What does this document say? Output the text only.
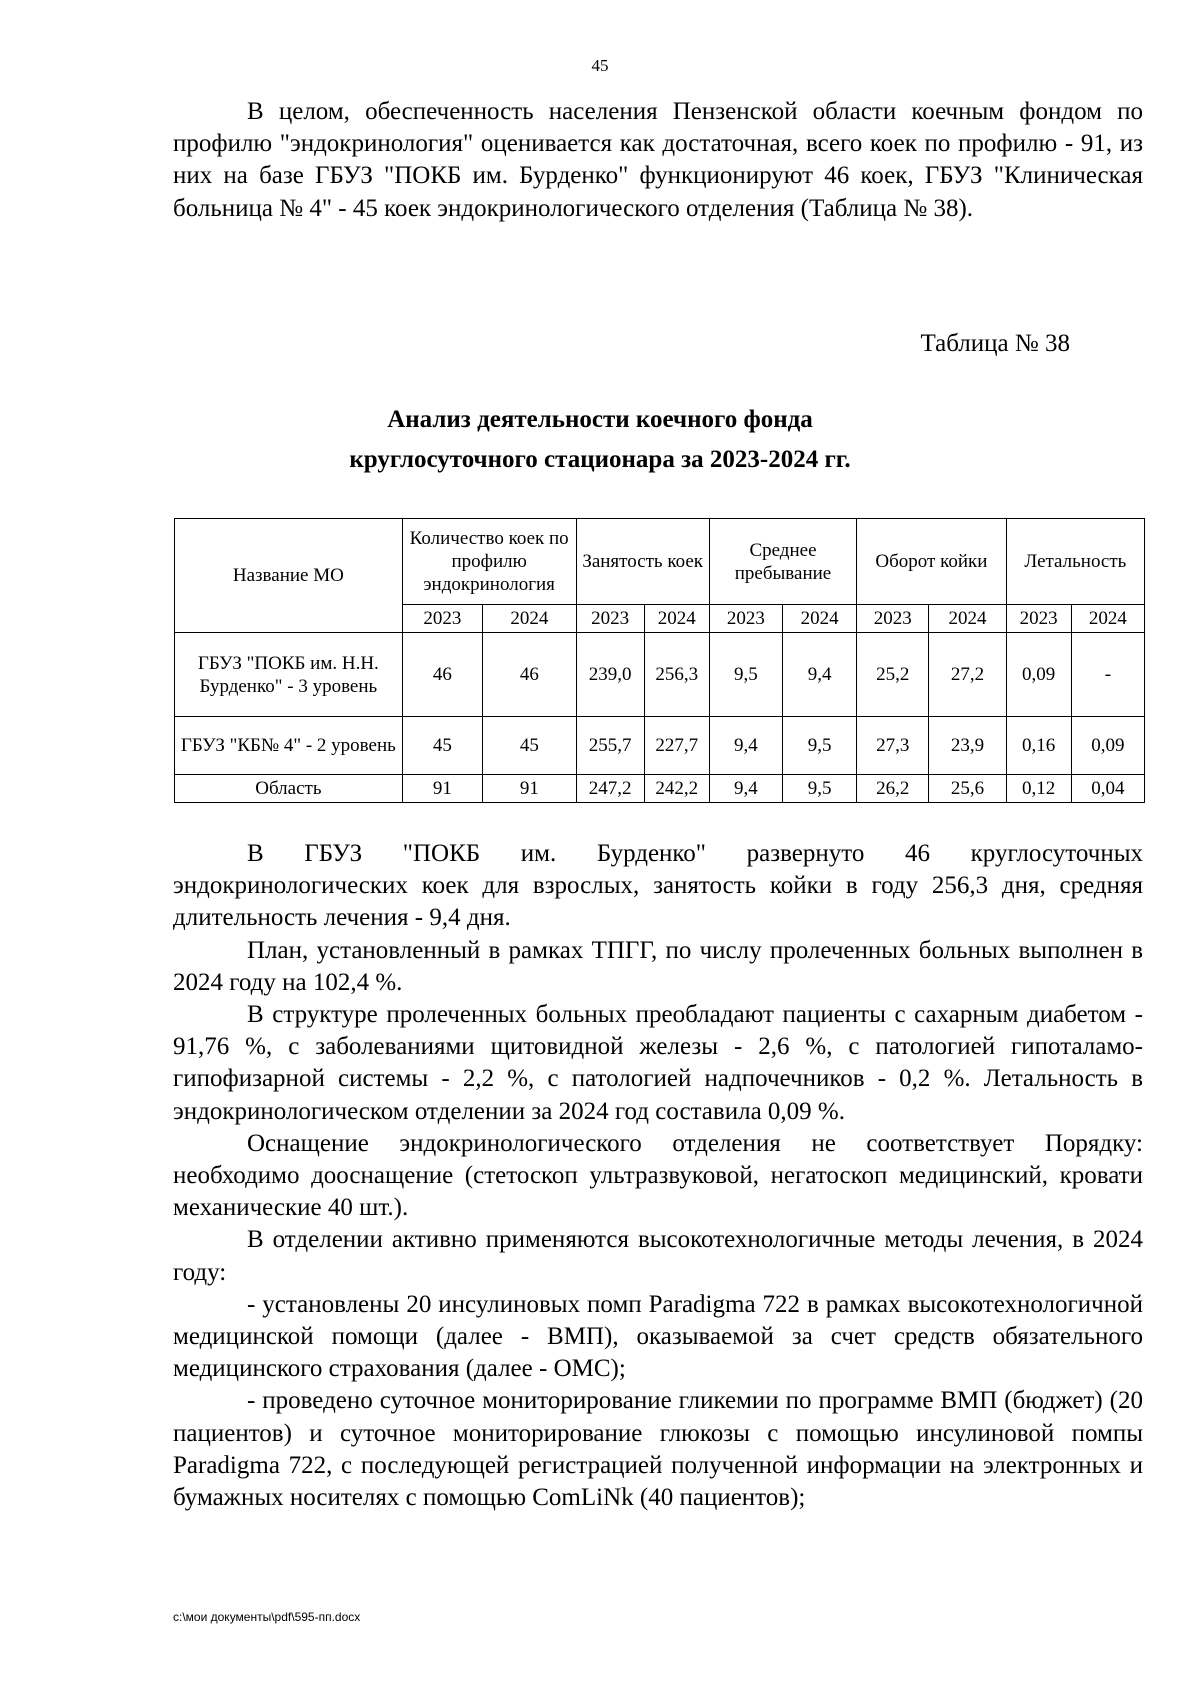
45

В целом, обеспеченность населения Пензенской области коечным фондом по профилю "эндокринология" оценивается как достаточная, всего коек по профилю - 91, из них на базе ГБУЗ "ПОКБ им. Бурденко" функционируют 46 коек, ГБУЗ "Клиническая больница № 4" - 45 коек эндокринологического отделения (Таблица № 38).

Таблица № 38
Анализ деятельности коечного фонда
круглосуточного стационара за 2023-2024 гг.
Название МО	Количество коек по профилю эндокринология		Занятость коек		Среднее пребывание		Оборот койки		Летальность	
	2023	2024	2023	2024	2023	2024	2023	2024	2023	2024
ГБУЗ "ПОКБ им. Н.Н. Бурденко" - 3 уровень	46	46	239,0	256,3	9,5	9,4	25,2	27,2	0,09	-
ГБУЗ "КБ№ 4" - 2 уровень	45	45	255,7	227,7	9,4	9,5	27,3	23,9	0,16	0,09
Область	91	91	247,2	242,2	9,4	9,5	26,2	25,6	0,12	0,04

В ГБУЗ "ПОКБ им. Бурденко" развернуто 46 круглосуточных эндокринологических коек для взрослых, занятость койки в году 256,3 дня, средняя длительность лечения - 9,4 дня.

План, установленный в рамках ТПГГ, по числу пролеченных больных выполнен в 2024 году на 102,4 %.

В структуре пролеченных больных преобладают пациенты с сахарным диабетом - 91,76 %, с заболеваниями щитовидной железы - 2,6 %, с патологией гипоталамо-гипофизарной системы - 2,2 %, с патологией надпочечников - 0,2 %. Летальность в эндокринологическом отделении за 2024 год составила 0,09 %.

Оснащение эндокринологического отделения не соответствует Порядку: необходимо дооснащение (стетоскоп ультразвуковой, негатоскоп медицинский, кровати механические 40 шт.).

В отделении активно применяются высокотехнологичные методы лечения, в 2024 году:

- установлены 20 инсулиновых помп Paradigma 722 в рамках высокотехнологичной медицинской помощи (далее - ВМП), оказываемой за счет средств обязательного медицинского страхования (далее - ОМС);

- проведено суточное мониторирование гликемии по программе ВМП (бюджет) (20 пациентов) и суточное мониторирование глюкозы с помощью инсулиновой помпы Paradigma 722, с последующей регистрацией полученной информации на электронных и бумажных носителях с помощью ComLiNk (40 пациентов);

c:\мои документы\pdf\595-пп.docx
